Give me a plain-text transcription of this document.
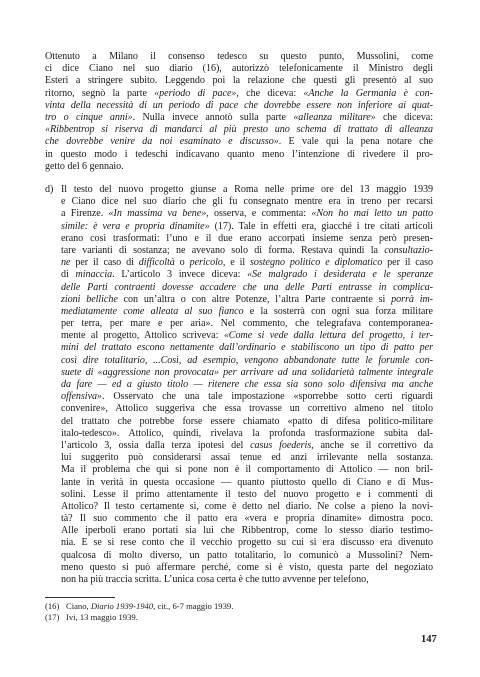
Ottenuto a Milano il consenso tedesco su questo punto, Mussolini, come
ci dice Ciano nel suo diario (16), autorizzò telefonicamente il Ministro degli
Esteri a stringere subito. Leggendo poi la relazione che questi gli presentò al suo
ritorno, segnò la parte «periodo di pace», che diceva: «Anche la Germania è con-
vinta della necessità di un periodo di pace che dovrebbe essere non inferiore ai quat-
tro o cinque anni». Nulla invece annotò sulla parte «alleanza militare» che diceva:
«Ribbentrop si riserva di mandarci al più presto uno schema di trattato di alleanza
che dovrebbe venire da noi esaminato e discusso». E vale qui la pena notare che
in questo modo i tedeschi indicavano quanto meno l’intenzione di rivedere il pro-
getto del 6 gennaio.
d) Il testo del nuovo progetto giunse a Roma nelle prime ore del 13 maggio 1939
e Ciano dice nel suo diario che gli fu consegnato mentre era in treno per recarsi
a Firenze. «In massima va bene», osserva, e commenta: «Non ho mai letto un patto
simile: è vera e propria dinamite» (17). Tale in effetti era, giacché i tre citati articoli
erano così trasformati: l’uno e il due erano accorpati insieme senza però presen-
tare varianti di sostanza; ne avevano solo di forma. Restava quindi la consultazio-
ne per il caso di difficoltà o pericolo, e il sostegno politico e diplomatico per il caso
di minaccia. L’articolo 3 invece diceva: «Se malgrado i desiderata e le speranze
delle Parti contraenti dovesse accadere che una delle Parti entrasse in complica-
zioni belliche con un’altra o con altre Potenze, l’altra Parte contraente si porrà im-
mediatamente come alleata al suo fianco e la sosterrà con ogni sua forza militare
per terra, per mare e per aria». Nel commento, che telegrafava contemporanea-
mente al progetto, Attolico scriveva: «Come si vede dalla lettura del progetto, i ter-
mini del trattato escono nettamente dall’ordinario e stabiliscono un tipo di patto per
così dire totalitario, ...Così, ad esempio, vengono abbandonate tutte le forumle con-
suete di «aggressione non provocata» per arrivare ad una solidarietà talmente integrale
da fare — ed a giusto titolo — ritenere che essa sia sono solo difensiva ma anche
offensiva». Osservato che una tale impostazione «sporrebbe sotto certi riguardi
convenire», Attolico suggeriva che essa trovasse un correttivo almeno nel titolo
del trattato che potrebbe forse essere chiamato «patto di difesa politico-militare
italo-tedesco». Attolico, quindi, rivelava la profonda trasformazione subita dal-
l’articolo 3, ossia dalla terza ipotesi del casus foederis, anche se il correttivo da
lui suggerito può considerarsi assai tenue ed anzi irrilevante nella sostanza.
Ma il problema che qui si pone non è il comportamento di Attolico — non bril-
lante in verità in questa occasione — quanto piuttosto quello di Ciano e di Mus-
solini. Lesse il primo attentamente il testo del nuovo progetto e i commenti di
Attolico? Il testo certamente sì, come è detto nel diario. Ne colse a pieno la novi-
tà? Il suo commento che il patto era «vera e propria dinamite» dimostra poco.
Alle iperboli erano portati sia lui che Ribbentrop, come lo stesso diario testimo-
nia. E se si rese conto che il vecchio progetto su cui si era discusso era divenuto
qualcosa di molto diverso, un patto totalitario, lo comunicò a Mussolini? Nem-
meno questo si può affermare perché, come si è visto, questa parte del negoziato
non ha più traccia scritta. L’unica cosa certa è che tutto avvenne per telefono,
(16) Ciano, Diario 1939-1940, cit., 6-7 maggio 1939.
(17) Ivi, 13 maggio 1939.
147
